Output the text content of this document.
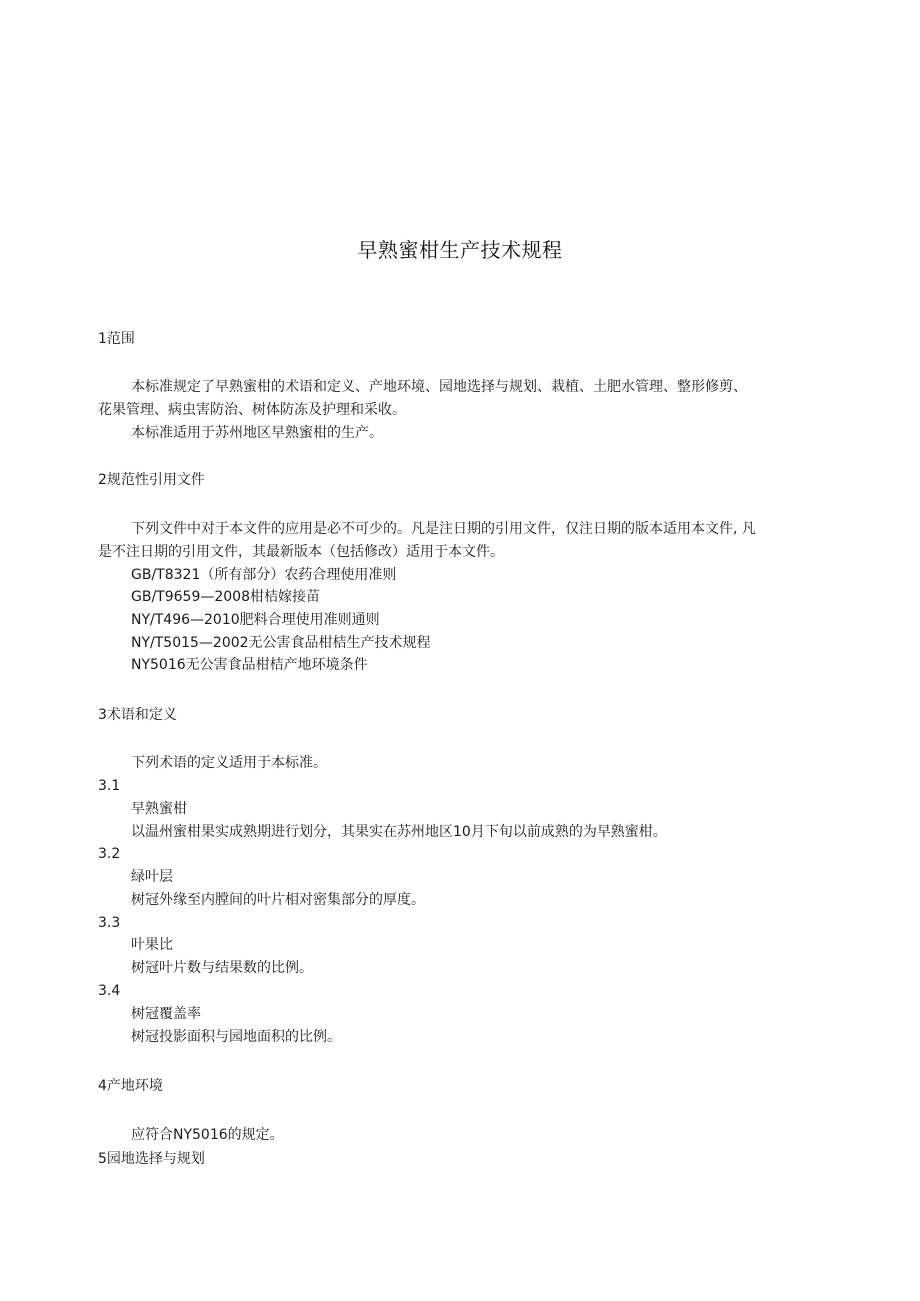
早熟蜜柑生产技术规程
1范围
本标准规定了早熟蜜柑的术语和定义、产地环境、园地选择与规划、栽植、土肥水管理、整形修剪、
花果管理、病虫害防治、树体防冻及护理和采收。
本标准适用于苏州地区早熟蜜柑的生产。
2规范性引用文件
下列文件中对于本文件的应用是必不可少的。凡是注日期的引用文件，仅注日期的版本适用本文件, 凡
是不注日期的引用文件，其最新版本（包括修改）适用于本文件。
GB/T8321（所有部分）农药合理使用准则
GB/T9659—2008柑桔嫁接苗
NY/T496—2010肥料合理使用准则通则
NY/T5015—2002无公害食品柑桔生产技术规程
NY5016无公害食品柑桔产地环境条件
3术语和定义
下列术语的定义适用于本标准。
3.1
早熟蜜柑
以温州蜜柑果实成熟期进行划分，其果实在苏州地区10月下旬以前成熟的为早熟蜜柑。
3.2
绿叶层
树冠外缘至内膛间的叶片相对密集部分的厚度。
3.3
叶果比
树冠叶片数与结果数的比例。
3.4
树冠覆盖率
树冠投影面积与园地面积的比例。
4产地环境
应符合NY5016的规定。
5园地选择与规划
